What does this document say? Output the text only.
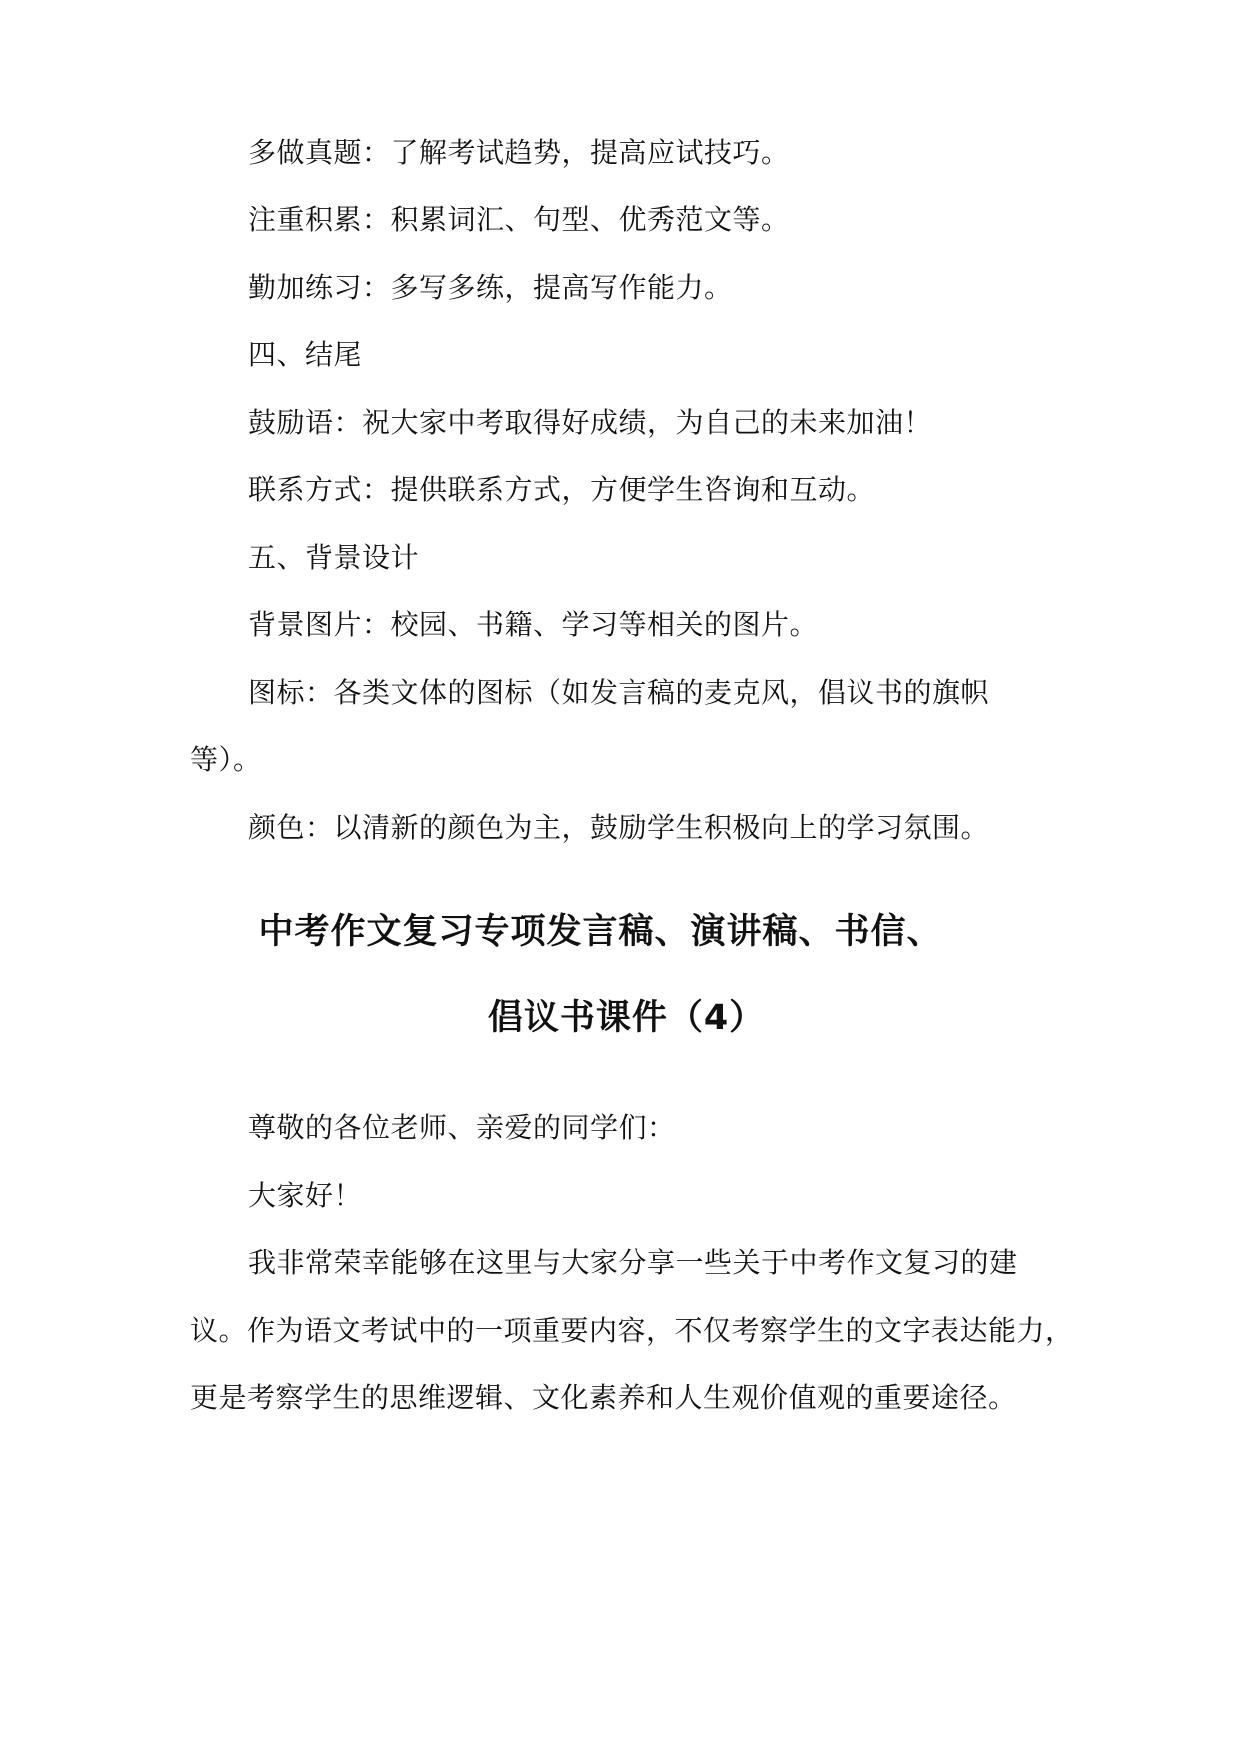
多做真题：了解考试趋势，提高应试技巧。
注重积累：积累词汇、句型、优秀范文等。
勤加练习：多写多练，提高写作能力。
四、结尾
鼓励语：祝大家中考取得好成绩，为自己的未来加油！
联系方式：提供联系方式，方便学生咨询和互动。
五、背景设计
背景图片：校园、书籍、学习等相关的图片。
图标：各类文体的图标（如发言稿的麦克风，倡议书的旗帜
等）。
颜色：以清新的颜色为主，鼓励学生积极向上的学习氛围。
中考作文复习专项发言稿、演讲稿、书信、
倡议书课件（4）
尊敬的各位老师、亲爱的同学们：
大家好！
我非常荣幸能够在这里与大家分享一些关于中考作文复习的建
议。作为语文考试中的一项重要内容，不仅考察学生的文字表达能力，
更是考察学生的思维逻辑、文化素养和人生观价值观的重要途径。
